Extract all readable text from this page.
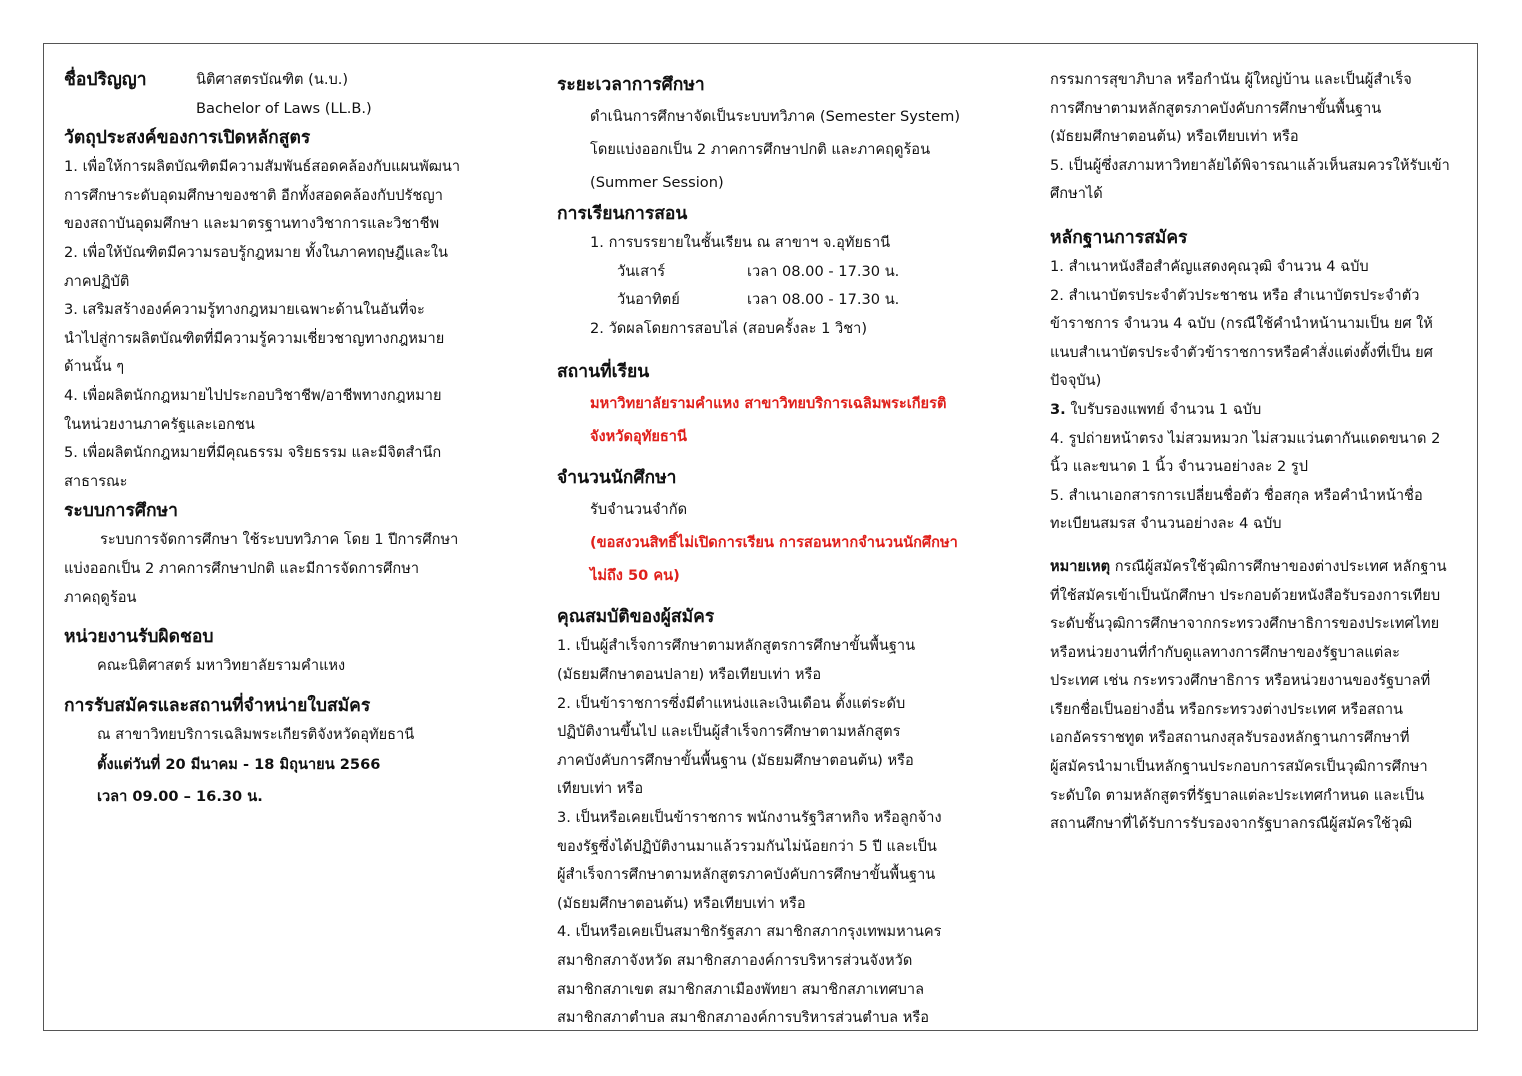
ชื่อปริญญา	นิติศาสตรบัณฑิต (น.บ.)
Bachelor of Laws (LL.B.)
วัตถุประสงค์ของการเปิดหลักสูตร
1. เพื่อให้การผลิตบัณฑิตมีความสัมพันธ์สอดคล้องกับแผนพัฒนา
การศึกษาระดับอุดมศึกษาของชาติ อีกทั้งสอดคล้องกับปรัชญา
ของสถาบันอุดมศึกษา และมาตรฐานทางวิชาการและวิชาชีพ
2. เพื่อให้บัณฑิตมีความรอบรู้กฎหมาย ทั้งในภาคทฤษฎีและใน
ภาคปฏิบัติ
3. เสริมสร้างองค์ความรู้ทางกฎหมายเฉพาะด้านในอันที่จะ
นำไปสู่การผลิตบัณฑิตที่มีความรู้ความเชี่ยวชาญทางกฎหมาย
ด้านนั้น ๆ
4. เพื่อผลิตนักกฎหมายไปประกอบวิชาชีพ/อาชีพทางกฎหมาย
ในหน่วยงานภาครัฐและเอกชน
5. เพื่อผลิตนักกฎหมายที่มีคุณธรรม จริยธรรม และมีจิตสำนึก
สาธารณะ
ระบบการศึกษา
ระบบการจัดการศึกษา ใช้ระบบทวิภาค โดย 1 ปีการศึกษา
แบ่งออกเป็น 2 ภาคการศึกษาปกติ และมีการจัดการศึกษา
ภาคฤดูร้อน
หน่วยงานรับผิดชอบ
คณะนิติศาสตร์ มหาวิทยาลัยรามคำแหง
การรับสมัครและสถานที่จำหน่ายใบสมัคร
ณ สาขาวิทยบริการเฉลิมพระเกียรติจังหวัดอุทัยธานี
ตั้งแต่วันที่ 20 มีนาคม - 18 มิถุนายน 2566
เวลา 09.00 – 16.30 น.
ระยะเวลาการศึกษา
ดำเนินการศึกษาจัดเป็นระบบทวิภาค (Semester System)
โดยแบ่งออกเป็น 2 ภาคการศึกษาปกติ และภาคฤดูร้อน
(Summer Session)
การเรียนการสอน
1. การบรรยายในชั้นเรียน ณ สาขาฯ จ.อุทัยธานี
วันเสาร์	เวลา 08.00 - 17.30 น.
วันอาทิตย์	เวลา 08.00 - 17.30 น.
2. วัดผลโดยการสอบไล่ (สอบครั้งละ 1 วิชา)
สถานที่เรียน
มหาวิทยาลัยรามคำแหง สาขาวิทยบริการเฉลิมพระเกียรติ
จังหวัดอุทัยธานี
จำนวนนักศึกษา
รับจำนวนจำกัด
(ขอสงวนสิทธิ์ไม่เปิดการเรียน การสอนหากจำนวนนักศึกษา
ไม่ถึง 50 คน)
คุณสมบัติของผู้สมัคร
1. เป็นผู้สำเร็จการศึกษาตามหลักสูตรการศึกษาขั้นพื้นฐาน
(มัธยมศึกษาตอนปลาย) หรือเทียบเท่า หรือ
2. เป็นข้าราชการซึ่งมีตำแหน่งและเงินเดือน ตั้งแต่ระดับ
ปฏิบัติงานขึ้นไป และเป็นผู้สำเร็จการศึกษาตามหลักสูตร
ภาคบังคับการศึกษาขั้นพื้นฐาน (มัธยมศึกษาตอนต้น) หรือ
เทียบเท่า หรือ
3. เป็นหรือเคยเป็นข้าราชการ พนักงานรัฐวิสาหกิจ หรือลูกจ้าง
ของรัฐซึ่งได้ปฏิบัติงานมาแล้วรวมกันไม่น้อยกว่า 5 ปี และเป็น
ผู้สำเร็จการศึกษาตามหลักสูตรภาคบังคับการศึกษาขั้นพื้นฐาน
(มัธยมศึกษาตอนต้น) หรือเทียบเท่า หรือ
4. เป็นหรือเคยเป็นสมาชิกรัฐสภา สมาชิกสภากรุงเทพมหานคร
สมาชิกสภาจังหวัด สมาชิกสภาองค์การบริหารส่วนจังหวัด
สมาชิกสภาเขต สมาชิกสภาเมืองพัทยา สมาชิกสภาเทศบาล
สมาชิกสภาตำบล สมาชิกสภาองค์การบริหารส่วนตำบล หรือ
กรรมการสุขาภิบาล หรือกำนัน ผู้ใหญ่บ้าน และเป็นผู้สำเร็จ
การศึกษาตามหลักสูตรภาคบังคับการศึกษาขั้นพื้นฐาน
(มัธยมศึกษาตอนต้น) หรือเทียบเท่า หรือ
5. เป็นผู้ซึ่งสภามหาวิทยาลัยได้พิจารณาแล้วเห็นสมควรให้รับเข้า
ศึกษาได้
หลักฐานการสมัคร
1. สำเนาหนังสือสำคัญแสดงคุณวุฒิ จำนวน 4 ฉบับ
2. สำเนาบัตรประจำตัวประชาชน หรือ สำเนาบัตรประจำตัว
ข้าราชการ จำนวน 4 ฉบับ (กรณีใช้คำนำหน้านามเป็น ยศ ให้
แนบสำเนาบัตรประจำตัวข้าราชการหรือคำสั่งแต่งตั้งที่เป็น ยศ
ปัจจุบัน)
3. ใบรับรองแพทย์ จำนวน 1 ฉบับ
4. รูปถ่ายหน้าตรง ไม่สวมหมวก ไม่สวมแว่นตากันแดดขนาด 2
นิ้ว และขนาด 1 นิ้ว จำนวนอย่างละ 2 รูป
5. สำเนาเอกสารการเปลี่ยนชื่อตัว ชื่อสกุล หรือคำนำหน้าชื่อ
ทะเบียนสมรส จำนวนอย่างละ 4 ฉบับ
หมายเหตุ กรณีผู้สมัครใช้วุฒิการศึกษาของต่างประเทศ หลักฐาน
ที่ใช้สมัครเข้าเป็นนักศึกษา ประกอบด้วยหนังสือรับรองการเทียบ
ระดับชั้นวุฒิการศึกษาจากกระทรวงศึกษาธิการของประเทศไทย
หรือหน่วยงานที่กำกับดูแลทางการศึกษาของรัฐบาลแต่ละ
ประเทศ เช่น กระทรวงศึกษาธิการ หรือหน่วยงานของรัฐบาลที่
เรียกชื่อเป็นอย่างอื่น หรือกระทรวงต่างประเทศ หรือสถาน
เอกอัครราชทูต หรือสถานกงสุลรับรองหลักฐานการศึกษาที่
ผู้สมัครนำมาเป็นหลักฐานประกอบการสมัครเป็นวุฒิการศึกษา
ระดับใด ตามหลักสูตรที่รัฐบาลแต่ละประเทศกำหนด และเป็น
สถานศึกษาที่ได้รับการรับรองจากรัฐบาลกรณีผู้สมัครใช้วุฒิ
